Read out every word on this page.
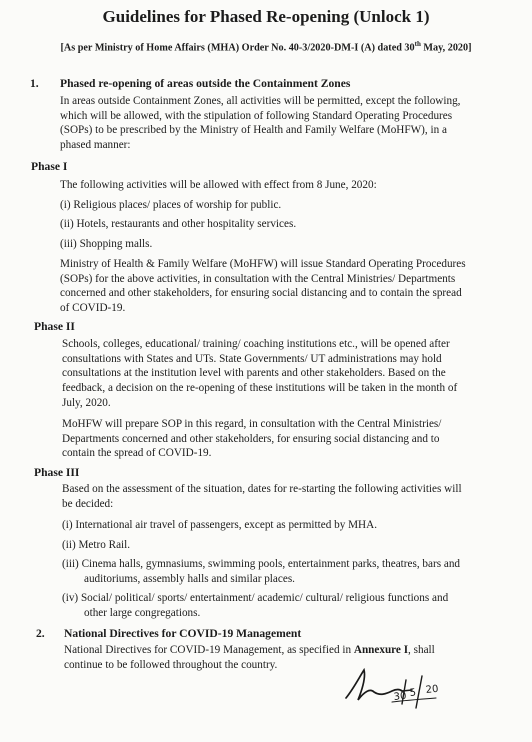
Guidelines for Phased Re-opening (Unlock 1)
[As per Ministry of Home Affairs (MHA) Order No. 40-3/2020-DM-I (A) dated 30th May, 2020]
1. Phased re-opening of areas outside the Containment Zones
In areas outside Containment Zones, all activities will be permitted, except the following,
which will be allowed, with the stipulation of following Standard Operating Procedures
(SOPs) to be prescribed by the Ministry of Health and Family Welfare (MoHFW), in a
phased manner:
Phase I
The following activities will be allowed with effect from 8 June, 2020:
(i) Religious places/ places of worship for public.
(ii) Hotels, restaurants and other hospitality services.
(iii) Shopping malls.
Ministry of Health & Family Welfare (MoHFW) will issue Standard Operating Procedures
(SOPs) for the above activities, in consultation with the Central Ministries/ Departments
concerned and other stakeholders, for ensuring social distancing and to contain the spread
of COVID-19.
Phase II
Schools, colleges, educational/ training/ coaching institutions etc., will be opened after
consultations with States and UTs. State Governments/ UT administrations may hold
consultations at the institution level with parents and other stakeholders. Based on the
feedback, a decision on the re-opening of these institutions will be taken in the month of
July, 2020.
MoHFW will prepare SOP in this regard, in consultation with the Central Ministries/
Departments concerned and other stakeholders, for ensuring social distancing and to
contain the spread of COVID-19.
Phase III
Based on the assessment of the situation, dates for re-starting the following activities will
be decided:
(i) International air travel of passengers, except as permitted by MHA.
(ii) Metro Rail.
(iii) Cinema halls, gymnasiums, swimming pools, entertainment parks, theatres, bars and
auditoriums, assembly halls and similar places.
(iv) Social/ political/ sports/ entertainment/ academic/ cultural/ religious functions and
other large congregations.
2. National Directives for COVID-19 Management
National Directives for COVID-19 Management, as specified in Annexure I, shall
continue to be followed throughout the country.
30 5 20
